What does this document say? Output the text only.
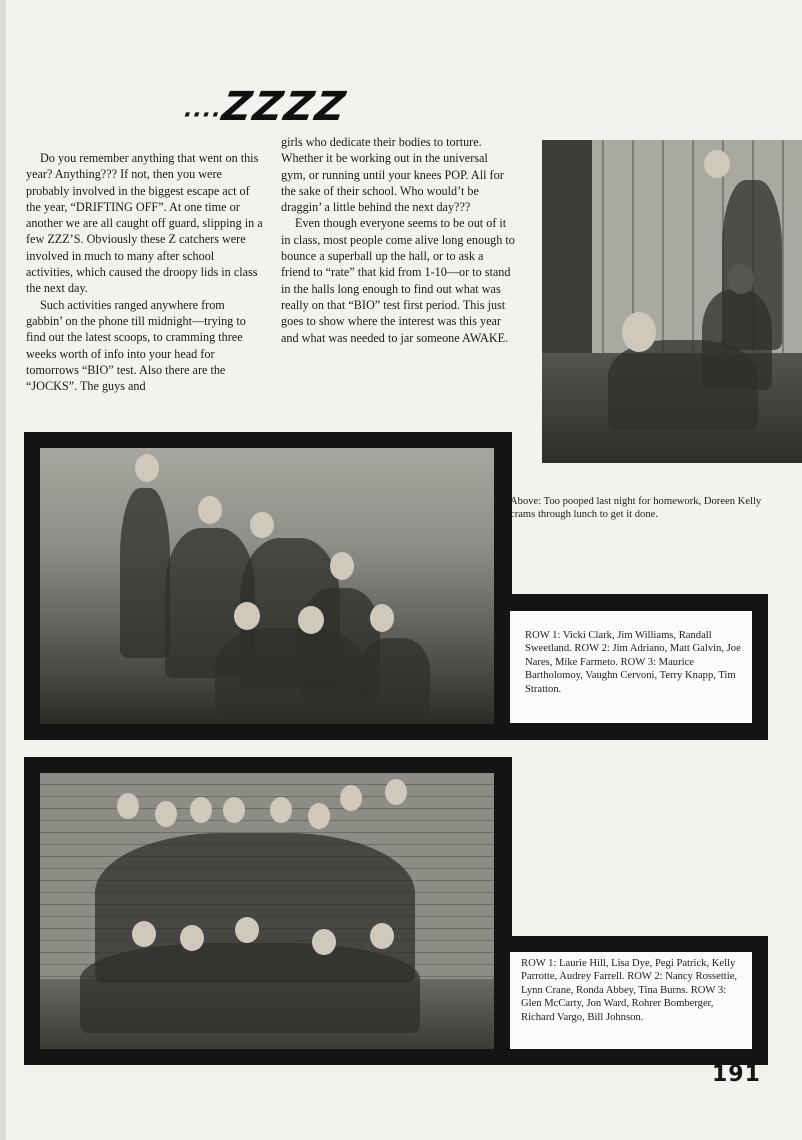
....ZZZZ

Do you remember anything that went on this year? Anything??? If not, then you were probably involved in the biggest escape act of the year, “DRIFTING OFF”. At one time or another we are all caught off guard, slipping in a few ZZZ’S. Obviously these Z catchers were involved in much to many after school activities, which caused the droopy lids in class the next day.

Such activities ranged anywhere from gabbin’ on the phone till midnight—trying to find out the latest scoops, to cramming three weeks worth of info into your head for tomorrows “BIO” test. Also there are the “JOCKS”. The guys and

girls who dedicate their bodies to torture. Whether it be working out in the universal gym, or running until your knees POP. All for the sake of their school. Who would’t be draggin’ a little behind the next day???

Even though everyone seems to be out of it in class, most people come alive long enough to bounce a superball up the hall, or to ask a friend to “rate” that kid from 1-10—or to stand in the halls long enough to find out what was really on that “BIO” test first period. This just goes to show where the interest was this year and what was needed to jar someone AWAKE.

Above: Too pooped last night for homework, Doreen Kelly crams through lunch to get it done.
ROW 1: Vicki Clark, Jim Williams, Randall Sweetland. ROW 2: Jim Adriano, Matt Galvin, Joe Nares, Mike Farmeto. ROW 3: Maurice Bartholomoy, Vaughn Cervoni, Terry Knapp, Tim Stratton.
ROW 1: Laurie Hill, Lisa Dye, Pegi Patrick, Kelly Parrotte, Audrey Farrell. ROW 2: Nancy Rossettie, Lynn Crane, Ronda Abbey, Tina Burns. ROW 3: Glen McCarty, Jon Ward, Rohrer Bomberger, Richard Vargo, Bill Johnson.
191
